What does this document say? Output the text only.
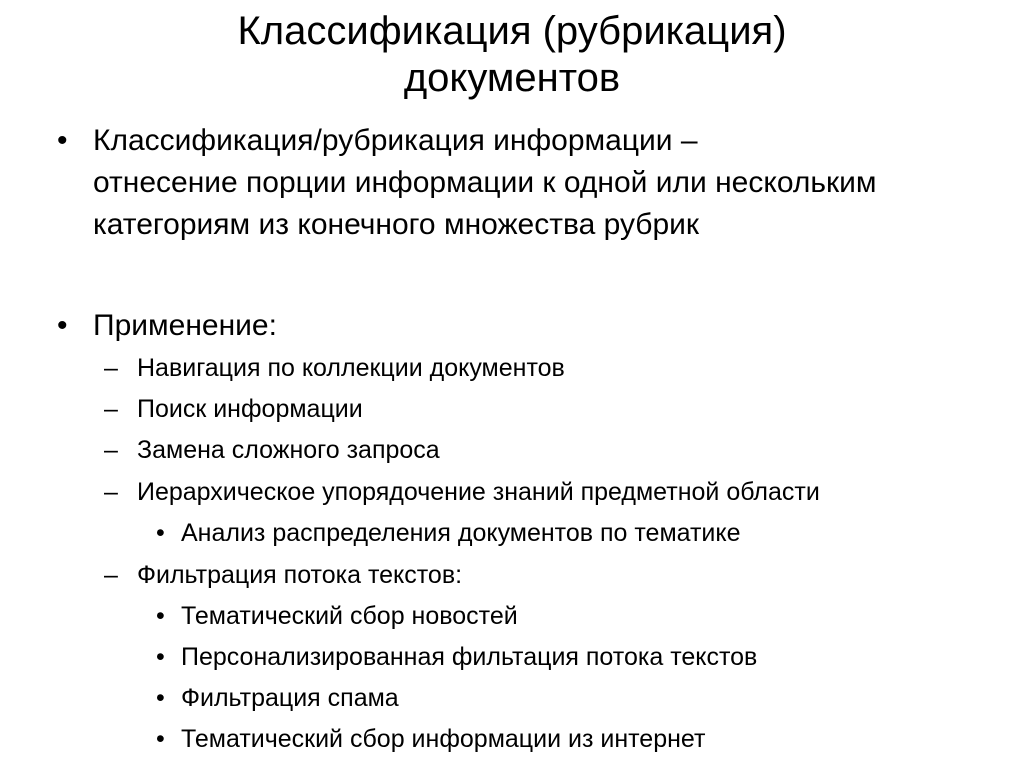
Классификация (рубрикация)
документов
• Классификация/рубрикация информации –
отнесение порции информации к одной или нескольким
категориям из конечного множества рубрик
• Применение:
– Навигация по коллекции документов
– Поиск информации
– Замена сложного запроса
– Иерархическое упорядочение знаний предметной области
• Анализ распределения документов по тематике
– Фильтрация потока текстов:
• Тематический сбор новостей
• Персонализированная фильтация потока текстов
• Фильтрация спама
• Тематический сбор информации из интернет
